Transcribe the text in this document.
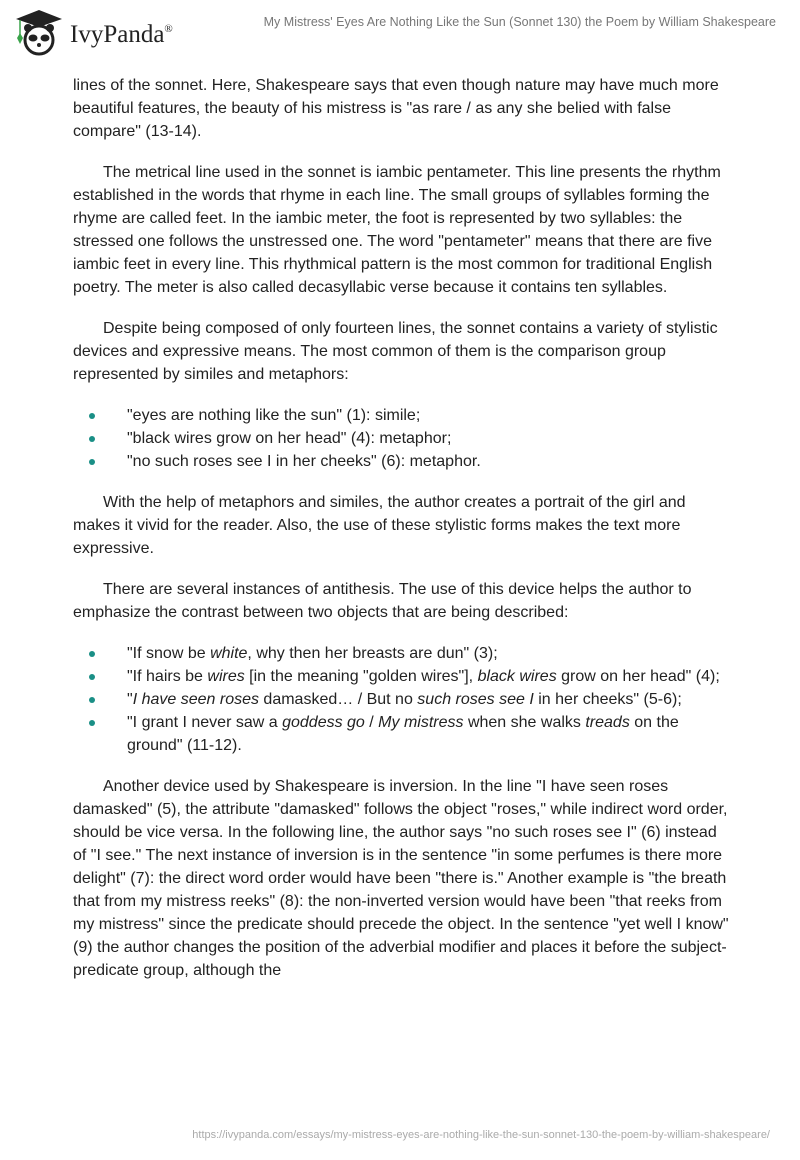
IvyPanda®	My Mistress' Eyes Are Nothing Like the Sun (Sonnet 130) the Poem by William Shakespeare

lines of the sonnet. Here, Shakespeare says that even though nature may have much more beautiful features, the beauty of his mistress is "as rare / as any she belied with false compare" (13-14).

The metrical line used in the sonnet is iambic pentameter. This line presents the rhythm established in the words that rhyme in each line. The small groups of syllables forming the rhyme are called feet. In the iambic meter, the foot is represented by two syllables: the stressed one follows the unstressed one. The word "pentameter" means that there are five iambic feet in every line. This rhythmical pattern is the most common for traditional English poetry. The meter is also called decasyllabic verse because it contains ten syllables.

Despite being composed of only fourteen lines, the sonnet contains a variety of stylistic devices and expressive means. The most common of them is the comparison group represented by similes and metaphors:

"eyes are nothing like the sun" (1): simile;
"black wires grow on her head" (4): metaphor;
"no such roses see I in her cheeks" (6): metaphor.

With the help of metaphors and similes, the author creates a portrait of the girl and makes it vivid for the reader. Also, the use of these stylistic forms makes the text more expressive.

There are several instances of antithesis. The use of this device helps the author to emphasize the contrast between two objects that are being described:

"If snow be white, why then her breasts are dun" (3);
"If hairs be wires [in the meaning "golden wires"], black wires grow on her head" (4);
"I have seen roses damasked… / But no such roses see I in her cheeks" (5-6);
"I grant I never saw a goddess go / My mistress when she walks treads on the ground" (11-12).

Another device used by Shakespeare is inversion. In the line "I have seen roses damasked" (5), the attribute "damasked" follows the object "roses," while indirect word order, should be vice versa. In the following line, the author says "no such roses see I" (6) instead of "I see." The next instance of inversion is in the sentence "in some perfumes is there more delight" (7): the direct word order would have been "there is." Another example is "the breath that from my mistress reeks" (8): the non-inverted version would have been "that reeks from my mistress" since the predicate should precede the object. In the sentence "yet well I know" (9) the author changes the position of the adverbial modifier and places it before the subject-predicate group, although the

https://ivypanda.com/essays/my-mistress-eyes-are-nothing-like-the-sun-sonnet-130-the-poem-by-william-shakespeare/
